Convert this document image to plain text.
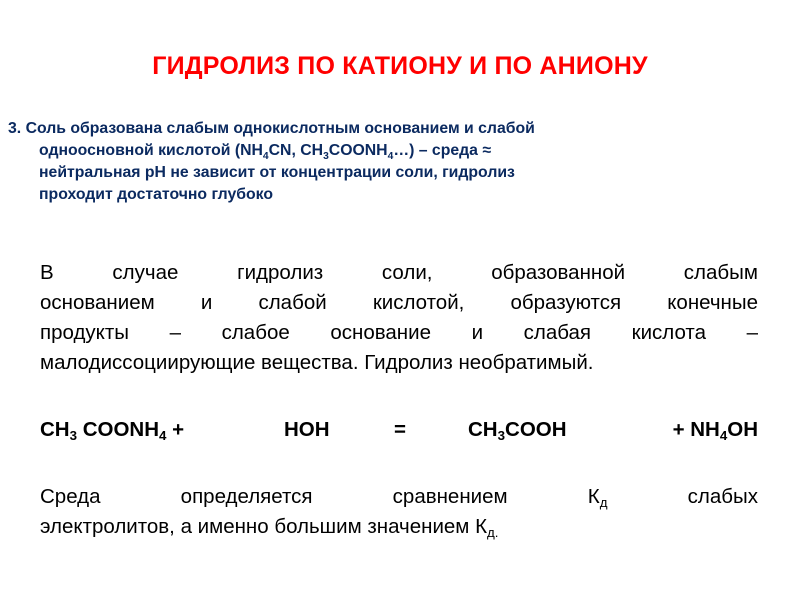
ГИДРОЛИЗ ПО КАТИОНУ И ПО АНИОНУ
3. Соль образована слабым однокислотным основанием и слабой
одноосновной кислотой ($NH_4CN$, $CH_3COONH_4\dots$) – среда ≈
нейтральная pH не зависит от концентрации соли, гидролиз
проходит достаточно глубоко
В случае гидролиз соли, образованной слабым
основанием и слабой кислотой, образуются конечные
продукты – слабое основание и слабая кислота –
малодиссоциирующие вещества. Гидролиз необратимый.
$CH_3$ $COONH_4$ +	HOH	=	$CH_3COOH$	+ $NH_4OH$
Среда определяется сравнением $К_д$ слабых
электролитов, а именно большим значением $К_{д.}$
